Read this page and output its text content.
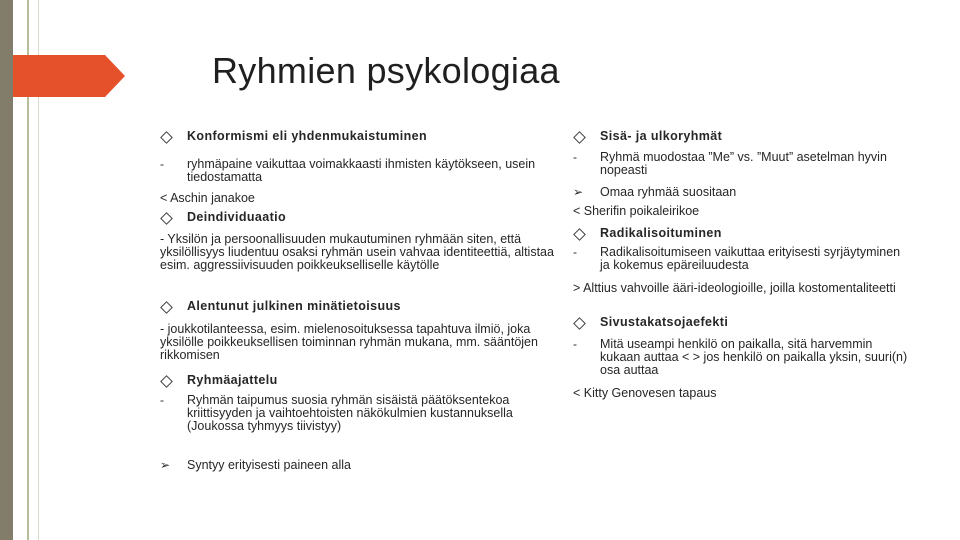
Ryhmien psykologiaa
Konformismi eli yhdenmukaistuminen
-	ryhmäpaine vaikuttaa voimakkaasti ihmisten käytökseen, usein tiedostamatta
< Aschin janakoe
Deindividuaatio
- Yksilön ja persoonallisuuden mukautuminen ryhmään siten, että yksilöllisyys liudentuu osaksi ryhmän usein vahvaa identiteettiä, altistaa esim. aggressiivisuuden poikkeukselliselle käytölle
Alentunut julkinen minätietoisuus
- joukkotilanteessa, esim. mielenosoituksessa tapahtuva ilmiö, joka yksilölle poikkeuksellisen toiminnan ryhmän mukana, mm. sääntöjen rikkomisen
Ryhmäajattelu
-	Ryhmän taipumus suosia ryhmän sisäistä päätöksentekoa kriittisyyden ja vaihtoehtoisten näkökulmien kustannuksella (Joukossa tyhmyys tiivistyy)
➢	Syntyy erityisesti paineen alla
Sisä- ja ulkoryhmät
-	Ryhmä muodostaa ”Me” vs. ”Muut” asetelman hyvin nopeasti
➢	Omaa ryhmää suositaan
< Sherifin poikaleirikoe
Radikalisoituminen
-	Radikalisoitumiseen vaikuttaa erityisesti syrjäytyminen ja kokemus epäreiluudesta
> Alttius vahvoille ääri-ideologioille, joilla kostomentaliteetti
Sivustakatsojaefekti
-	Mitä useampi henkilö on paikalla, sitä harvemmin kukaan auttaa < > jos henkilö on paikalla yksin, suuri(n) osa auttaa
< Kitty Genovesen tapaus
